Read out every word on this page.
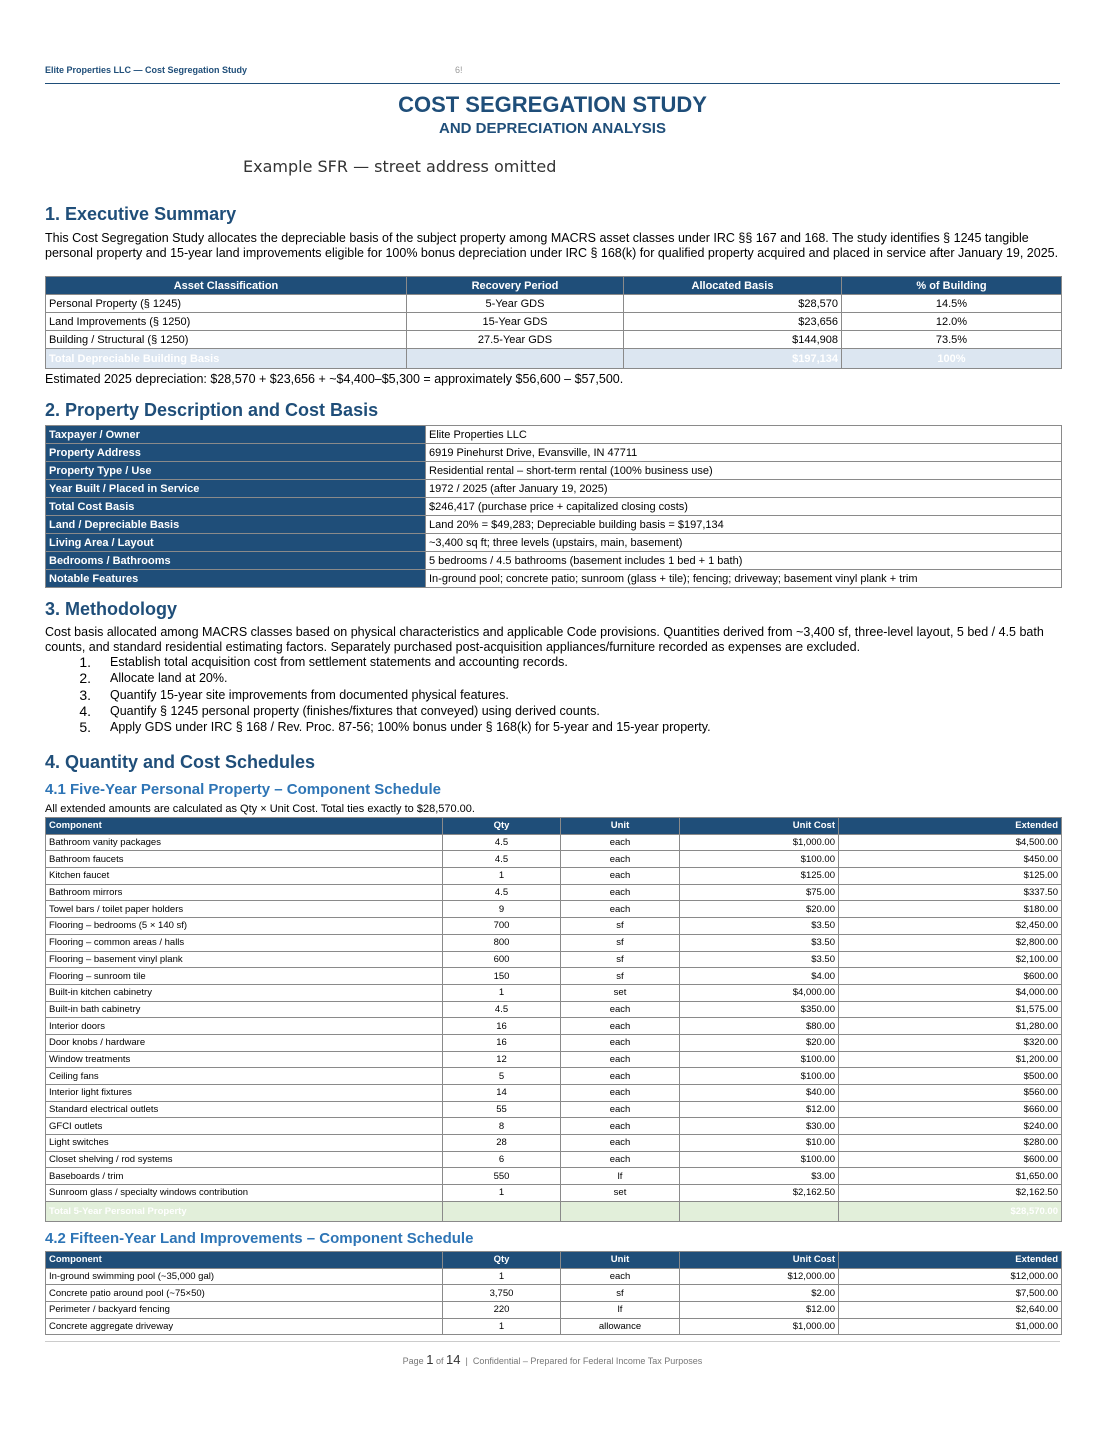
Elite Properties LLC — Cost Segregation Study	6!
COST SEGREGATION STUDY
AND DEPRECIATION ANALYSIS
Example SFR — street address omitted
1. Executive Summary
This Cost Segregation Study allocates the depreciable basis of the subject property among MACRS asset classes under IRC §§ 167 and 168. The study identifies § 1245 tangible personal property and 15-year land improvements eligible for 100% bonus depreciation under IRC § 168(k) for qualified property acquired and placed in service after January 19, 2025.
Asset Classification	Recovery Period	Allocated Basis	% of Building
Personal Property (§ 1245)	5-Year GDS	$28,570	14.5%
Land Improvements (§ 1250)	15-Year GDS	$23,656	12.0%
Building / Structural (§ 1250)	27.5-Year GDS	$144,908	73.5%
Total Depreciable Building Basis		$197,134	100%
Estimated 2025 depreciation: $28,570 + $23,656 + ~$4,400–$5,300 = approximately $56,600 – $57,500.
2. Property Description and Cost Basis
Taxpayer / Owner	Elite Properties LLC
Property Address	6919 Pinehurst Drive, Evansville, IN 47711
Property Type / Use	Residential rental – short-term rental (100% business use)
Year Built / Placed in Service	1972 / 2025 (after January 19, 2025)
Total Cost Basis	$246,417 (purchase price + capitalized closing costs)
Land / Depreciable Basis	Land 20% = $49,283; Depreciable building basis = $197,134
Living Area / Layout	~3,400 sq ft; three levels (upstairs, main, basement)
Bedrooms / Bathrooms	5 bedrooms / 4.5 bathrooms (basement includes 1 bed + 1 bath)
Notable Features	In-ground pool; concrete patio; sunroom (glass + tile); fencing; driveway; basement vinyl plank + trim
3. Methodology
Cost basis allocated among MACRS classes based on physical characteristics and applicable Code provisions. Quantities derived from ~3,400 sf, three-level layout, 5 bed / 4.5 bath counts, and standard residential estimating factors. Separately purchased post-acquisition appliances/furniture recorded as expenses are excluded.
1. Establish total acquisition cost from settlement statements and accounting records.
2. Allocate land at 20%.
3. Quantify 15-year site improvements from documented physical features.
4. Quantify § 1245 personal property (finishes/fixtures that conveyed) using derived counts.
5. Apply GDS under IRC § 168 / Rev. Proc. 87-56; 100% bonus under § 168(k) for 5-year and 15-year property.
4. Quantity and Cost Schedules
4.1 Five-Year Personal Property – Component Schedule
All extended amounts are calculated as Qty × Unit Cost. Total ties exactly to $28,570.00.
Component	Qty	Unit	Unit Cost	Extended
Bathroom vanity packages	4.5	each	$1,000.00	$4,500.00
Bathroom faucets	4.5	each	$100.00	$450.00
Kitchen faucet	1	each	$125.00	$125.00
Bathroom mirrors	4.5	each	$75.00	$337.50
Towel bars / toilet paper holders	9	each	$20.00	$180.00
Flooring – bedrooms (5 × 140 sf)	700	sf	$3.50	$2,450.00
Flooring – common areas / halls	800	sf	$3.50	$2,800.00
Flooring – basement vinyl plank	600	sf	$3.50	$2,100.00
Flooring – sunroom tile	150	sf	$4.00	$600.00
Built-in kitchen cabinetry	1	set	$4,000.00	$4,000.00
Built-in bath cabinetry	4.5	each	$350.00	$1,575.00
Interior doors	16	each	$80.00	$1,280.00
Door knobs / hardware	16	each	$20.00	$320.00
Window treatments	12	each	$100.00	$1,200.00
Ceiling fans	5	each	$100.00	$500.00
Interior light fixtures	14	each	$40.00	$560.00
Standard electrical outlets	55	each	$12.00	$660.00
GFCI outlets	8	each	$30.00	$240.00
Light switches	28	each	$10.00	$280.00
Closet shelving / rod systems	6	each	$100.00	$600.00
Baseboards / trim	550	lf	$3.00	$1,650.00
Sunroom glass / specialty windows contribution	1	set	$2,162.50	$2,162.50
Total 5-Year Personal Property				$28,570.00
4.2 Fifteen-Year Land Improvements – Component Schedule
Component	Qty	Unit	Unit Cost	Extended
In-ground swimming pool (~35,000 gal)	1	each	$12,000.00	$12,000.00
Concrete patio around pool (~75×50)	3,750	sf	$2.00	$7,500.00
Perimeter / backyard fencing	220	lf	$12.00	$2,640.00
Concrete aggregate driveway	1	allowance	$1,000.00	$1,000.00
Page 1 of 14  |  Confidential – Prepared for Federal Income Tax Purposes
